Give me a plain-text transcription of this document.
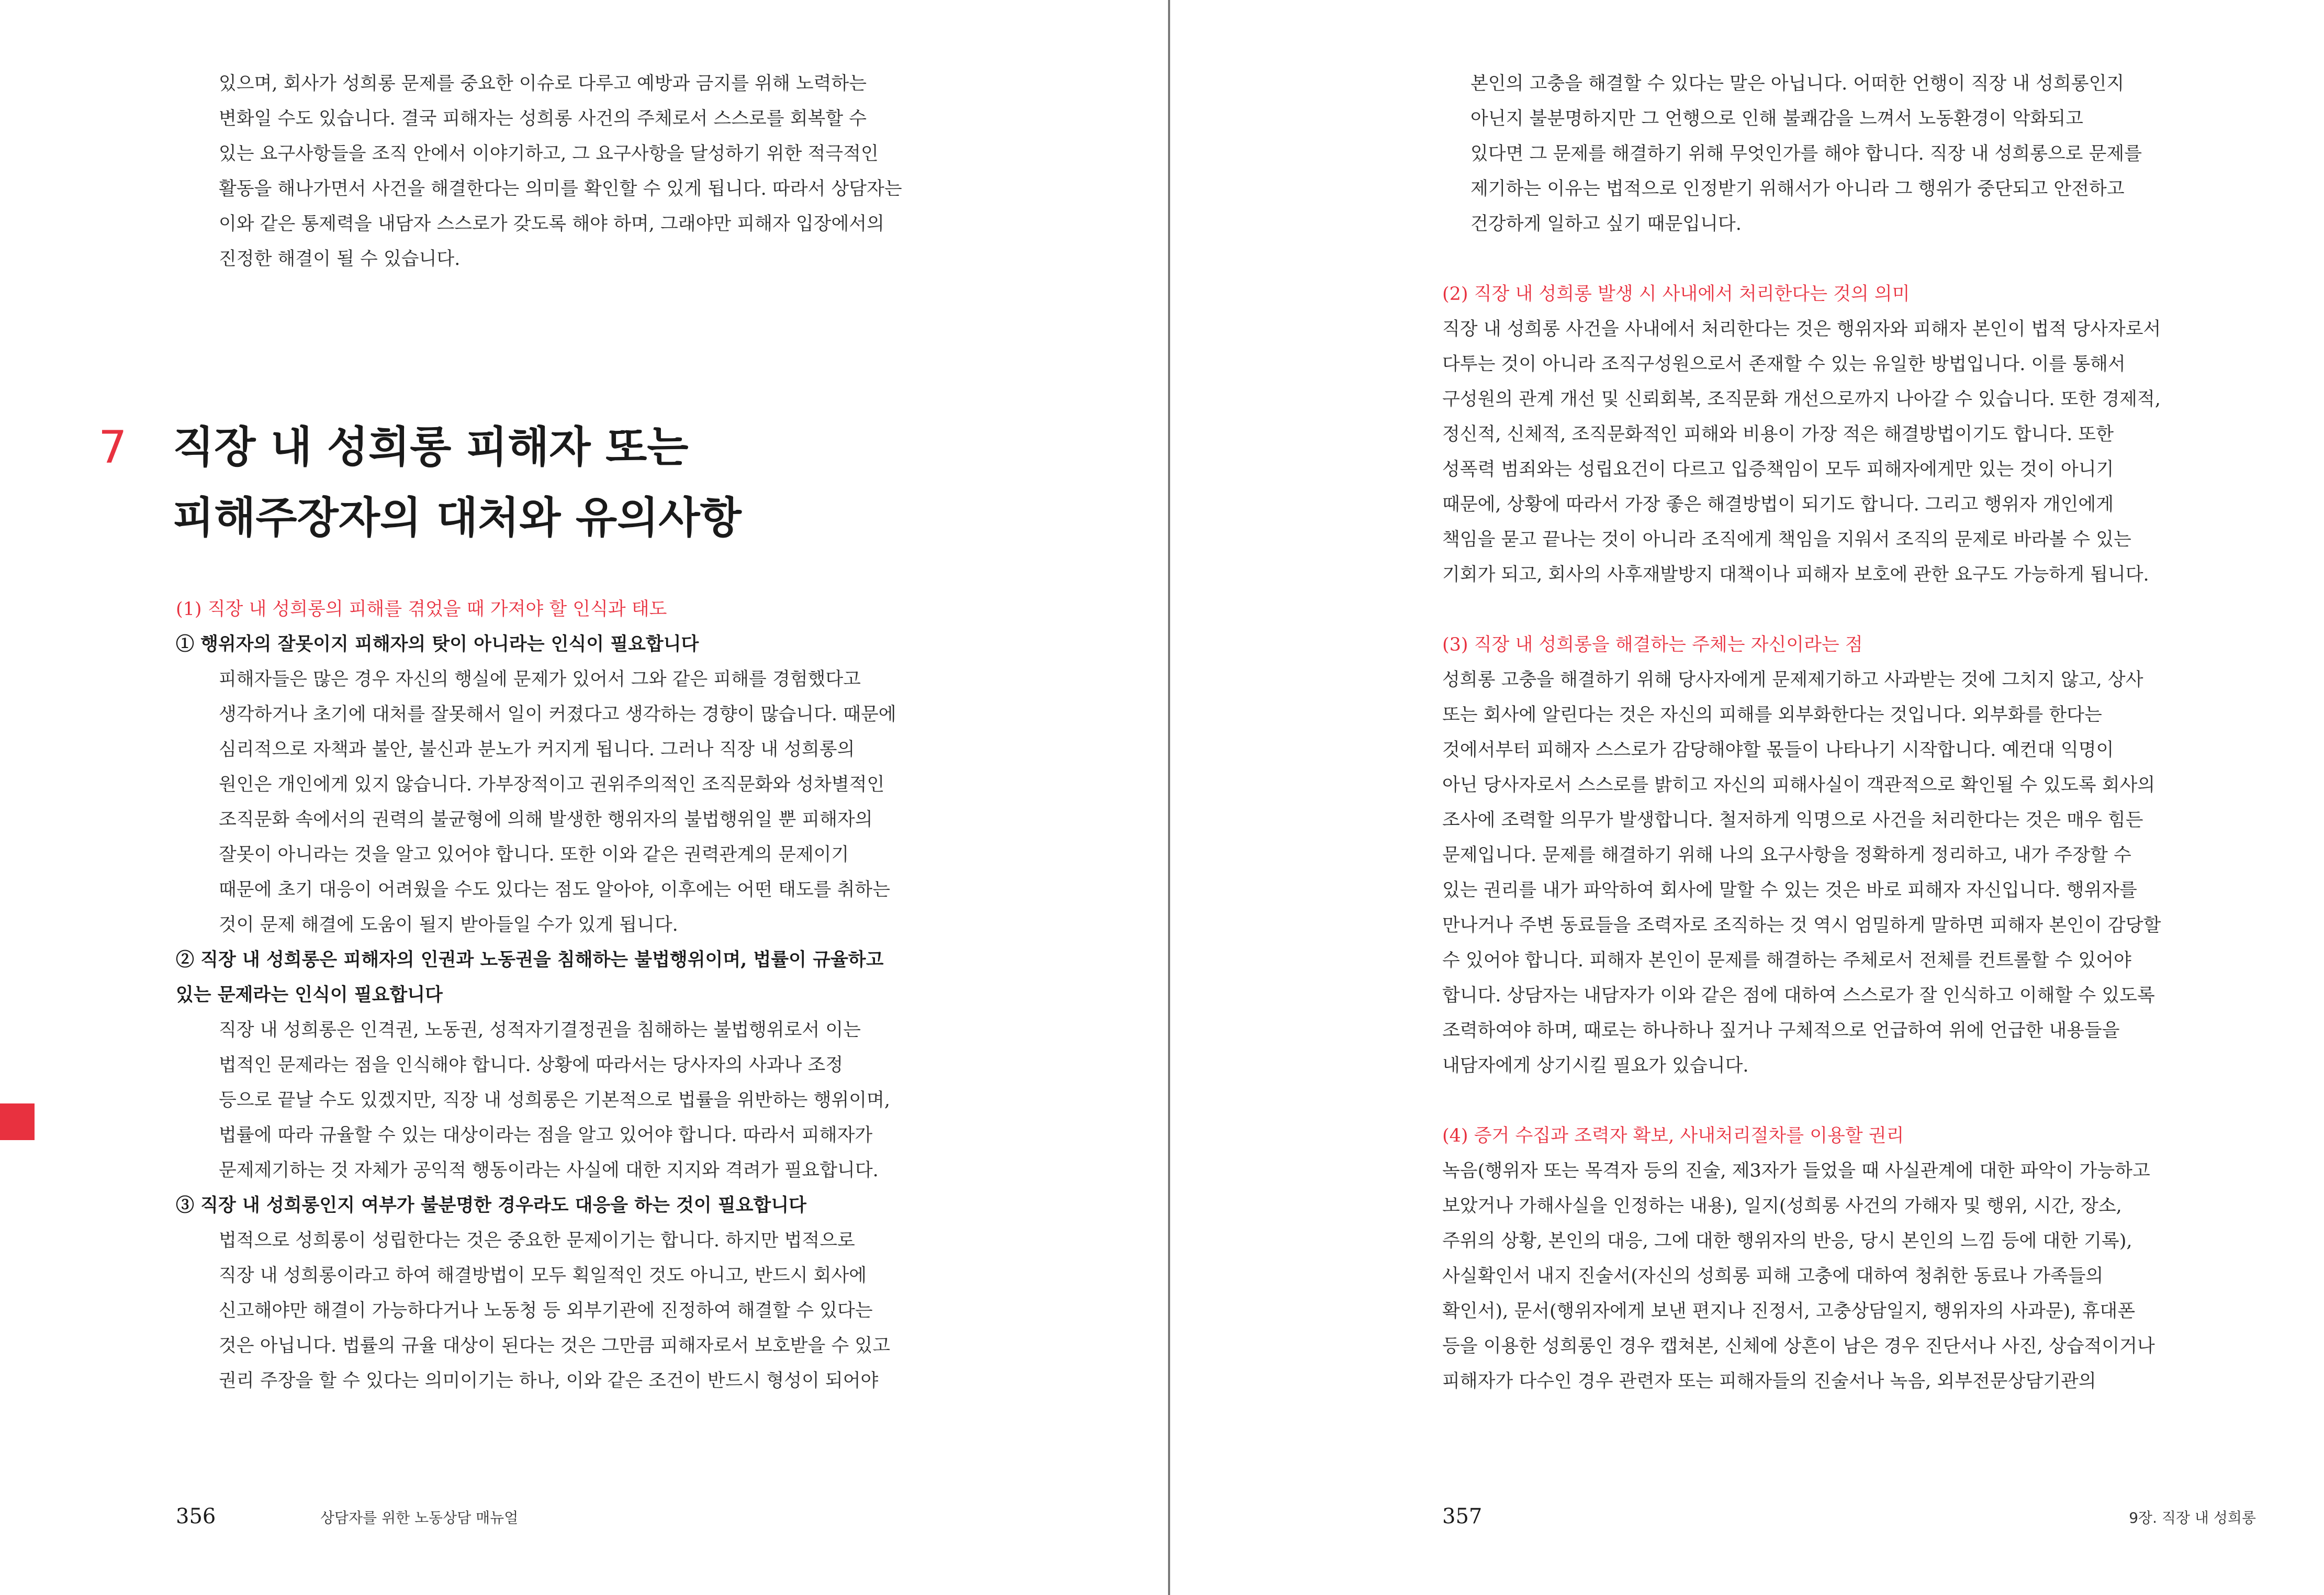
있으며, 회사가 성희롱 문제를 중요한 이슈로 다루고 예방과 금지를 위해 노력하는
변화일 수도 있습니다. 결국 피해자는 성희롱 사건의 주체로서 스스로를 회복할 수
있는 요구사항들을 조직 안에서 이야기하고, 그 요구사항을 달성하기 위한 적극적인
활동을 해나가면서 사건을 해결한다는 의미를 확인할 수 있게 됩니다. 따라서 상담자는
이와 같은 통제력을 내담자 스스로가 갖도록 해야 하며, 그래야만 피해자 입장에서의
진정한 해결이 될 수 있습니다.
7 직장 내 성희롱 피해자 또는
피해주장자의 대처와 유의사항
(1) 직장 내 성희롱의 피해를 겪었을 때 가져야 할 인식과 태도
① 행위자의 잘못이지 피해자의 탓이 아니라는 인식이 필요합니다
피해자들은 많은 경우 자신의 행실에 문제가 있어서 그와 같은 피해를 경험했다고
생각하거나 초기에 대처를 잘못해서 일이 커졌다고 생각하는 경향이 많습니다. 때문에
심리적으로 자책과 불안, 불신과 분노가 커지게 됩니다. 그러나 직장 내 성희롱의
원인은 개인에게 있지 않습니다. 가부장적이고 권위주의적인 조직문화와 성차별적인
조직문화 속에서의 권력의 불균형에 의해 발생한 행위자의 불법행위일 뿐 피해자의
잘못이 아니라는 것을 알고 있어야 합니다. 또한 이와 같은 권력관계의 문제이기
때문에 초기 대응이 어려웠을 수도 있다는 점도 알아야, 이후에는 어떤 태도를 취하는
것이 문제 해결에 도움이 될지 받아들일 수가 있게 됩니다.
② 직장 내 성희롱은 피해자의 인권과 노동권을 침해하는 불법행위이며, 법률이 규율하고
있는 문제라는 인식이 필요합니다
직장 내 성희롱은 인격권, 노동권, 성적자기결정권을 침해하는 불법행위로서 이는
법적인 문제라는 점을 인식해야 합니다. 상황에 따라서는 당사자의 사과나 조정
등으로 끝날 수도 있겠지만, 직장 내 성희롱은 기본적으로 법률을 위반하는 행위이며,
법률에 따라 규율할 수 있는 대상이라는 점을 알고 있어야 합니다. 따라서 피해자가
문제제기하는 것 자체가 공익적 행동이라는 사실에 대한 지지와 격려가 필요합니다.
③ 직장 내 성희롱인지 여부가 불분명한 경우라도 대응을 하는 것이 필요합니다
법적으로 성희롱이 성립한다는 것은 중요한 문제이기는 합니다. 하지만 법적으로
직장 내 성희롱이라고 하여 해결방법이 모두 획일적인 것도 아니고, 반드시 회사에
신고해야만 해결이 가능하다거나 노동청 등 외부기관에 진정하여 해결할 수 있다는
것은 아닙니다. 법률의 규율 대상이 된다는 것은 그만큼 피해자로서 보호받을 수 있고
권리 주장을 할 수 있다는 의미이기는 하나, 이와 같은 조건이 반드시 형성이 되어야
356	상담자를 위한 노동상담 매뉴얼
본인의 고충을 해결할 수 있다는 말은 아닙니다. 어떠한 언행이 직장 내 성희롱인지
아닌지 불분명하지만 그 언행으로 인해 불쾌감을 느껴서 노동환경이 악화되고
있다면 그 문제를 해결하기 위해 무엇인가를 해야 합니다. 직장 내 성희롱으로 문제를
제기하는 이유는 법적으로 인정받기 위해서가 아니라 그 행위가 중단되고 안전하고
건강하게 일하고 싶기 때문입니다.
(2) 직장 내 성희롱 발생 시 사내에서 처리한다는 것의 의미
직장 내 성희롱 사건을 사내에서 처리한다는 것은 행위자와 피해자 본인이 법적 당사자로서
다투는 것이 아니라 조직구성원으로서 존재할 수 있는 유일한 방법입니다. 이를 통해서
구성원의 관계 개선 및 신뢰회복, 조직문화 개선으로까지 나아갈 수 있습니다. 또한 경제적,
정신적, 신체적, 조직문화적인 피해와 비용이 가장 적은 해결방법이기도 합니다. 또한
성폭력 범죄와는 성립요건이 다르고 입증책임이 모두 피해자에게만 있는 것이 아니기
때문에, 상황에 따라서 가장 좋은 해결방법이 되기도 합니다. 그리고 행위자 개인에게
책임을 묻고 끝나는 것이 아니라 조직에게 책임을 지워서 조직의 문제로 바라볼 수 있는
기회가 되고, 회사의 사후재발방지 대책이나 피해자 보호에 관한 요구도 가능하게 됩니다.
(3) 직장 내 성희롱을 해결하는 주체는 자신이라는 점
성희롱 고충을 해결하기 위해 당사자에게 문제제기하고 사과받는 것에 그치지 않고, 상사
또는 회사에 알린다는 것은 자신의 피해를 외부화한다는 것입니다. 외부화를 한다는
것에서부터 피해자 스스로가 감당해야할 몫들이 나타나기 시작합니다. 예컨대 익명이
아닌 당사자로서 스스로를 밝히고 자신의 피해사실이 객관적으로 확인될 수 있도록 회사의
조사에 조력할 의무가 발생합니다. 철저하게 익명으로 사건을 처리한다는 것은 매우 힘든
문제입니다. 문제를 해결하기 위해 나의 요구사항을 정확하게 정리하고, 내가 주장할 수
있는 권리를 내가 파악하여 회사에 말할 수 있는 것은 바로 피해자 자신입니다. 행위자를
만나거나 주변 동료들을 조력자로 조직하는 것 역시 엄밀하게 말하면 피해자 본인이 감당할
수 있어야 합니다. 피해자 본인이 문제를 해결하는 주체로서 전체를 컨트롤할 수 있어야
합니다. 상담자는 내담자가 이와 같은 점에 대하여 스스로가 잘 인식하고 이해할 수 있도록
조력하여야 하며, 때로는 하나하나 짚거나 구체적으로 언급하여 위에 언급한 내용들을
내담자에게 상기시킬 필요가 있습니다.
(4) 증거 수집과 조력자 확보, 사내처리절차를 이용할 권리
녹음(행위자 또는 목격자 등의 진술, 제3자가 들었을 때 사실관계에 대한 파악이 가능하고
보았거나 가해사실을 인정하는 내용), 일지(성희롱 사건의 가해자 및 행위, 시간, 장소,
주위의 상황, 본인의 대응, 그에 대한 행위자의 반응, 당시 본인의 느낌 등에 대한 기록),
사실확인서 내지 진술서(자신의 성희롱 피해 고충에 대하여 청취한 동료나 가족들의
확인서), 문서(행위자에게 보낸 편지나 진정서, 고충상담일지, 행위자의 사과문), 휴대폰
등을 이용한 성희롱인 경우 캡쳐본, 신체에 상흔이 남은 경우 진단서나 사진, 상습적이거나
피해자가 다수인 경우 관련자 또는 피해자들의 진술서나 녹음, 외부전문상담기관의
357	9장. 직장 내 성희롱
